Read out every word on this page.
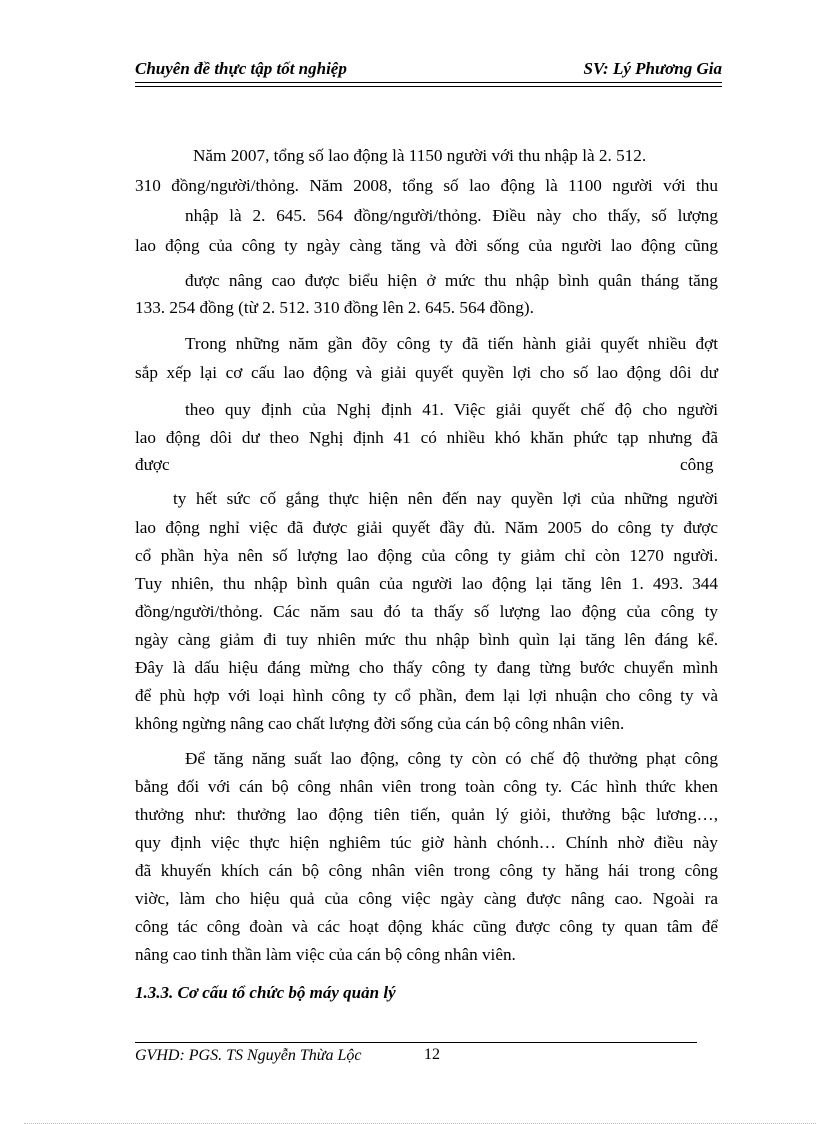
Chuyên đề thực tập tốt nghiệp	SV: Lý Phương Gia
Năm 2007, tổng số lao động là 1150 người với thu nhập là 2. 512.
310 đồng/người/thỏng. Năm 2008, tổng số lao động là 1100 người với thu
nhập là 2. 645. 564 đồng/người/thỏng. Điều này cho thấy, số lượng
lao động của công ty ngày càng tăng và đời sống của người lao động cũng
được nâng cao được biểu hiện ở mức thu nhập bình quân tháng tăng
133. 254 đồng (từ 2. 512. 310 đồng lên 2. 645. 564 đồng).
Trong những năm gần đõy công ty đã tiến hành giải quyết nhiều đợt
sắp xếp lại cơ cấu lao động và giải quyết quyền lợi cho số lao động dôi dư
theo quy định của Nghị định 41. Việc giải quyết chế độ cho người
lao động dôi dư theo Nghị định 41 có nhiều khó khăn phức tạp nhưng đã
được	công
ty hết sức cố gắng thực hiện nên đến nay quyền lợi của những người
lao động nghỉ việc đã được giải quyết đầy đủ. Năm 2005 do công ty được
cổ phần hỳa nên số lượng lao động của công ty giảm chỉ còn 1270 người.
Tuy nhiên, thu nhập bình quân của người lao động lại tăng lên 1. 493. 344
đồng/người/thỏng. Các năm sau đó ta thấy số lượng lao động của công ty
ngày càng giảm đi tuy nhiên mức thu nhập bình quìn lại tăng lên đáng kể.
Đây là dấu hiệu đáng mừng cho thấy công ty đang từng bước chuyển mình
để phù hợp với loại hình công ty cổ phần, đem lại lợi nhuận cho công ty và
không ngừng nâng cao chất lượng đời sống của cán bộ công nhân viên.
Để tăng năng suất lao động, công ty còn có chế độ thưởng phạt công
bằng đối với cán bộ công nhân viên trong toàn công ty. Các hình thức khen
thưởng như: thưởng lao động tiên tiến, quản lý giỏi, thưởng bậc lương…,
quy định việc thực hiện nghiêm túc giờ hành chónh… Chính nhờ điều này
đã khuyến khích cán bộ công nhân viên trong công ty hăng hái trong công
viờc, làm cho hiệu quả của công việc ngày càng được nâng cao. Ngoài ra
công tác công đoàn và các hoạt động khác cũng được công ty quan tâm để
nâng cao tinh thần làm việc của cán bộ công nhân viên.
1.3.3. Cơ cấu tổ chức bộ máy quản lý
GVHD: PGS. TS Nguyễn Thừa Lộc	12
